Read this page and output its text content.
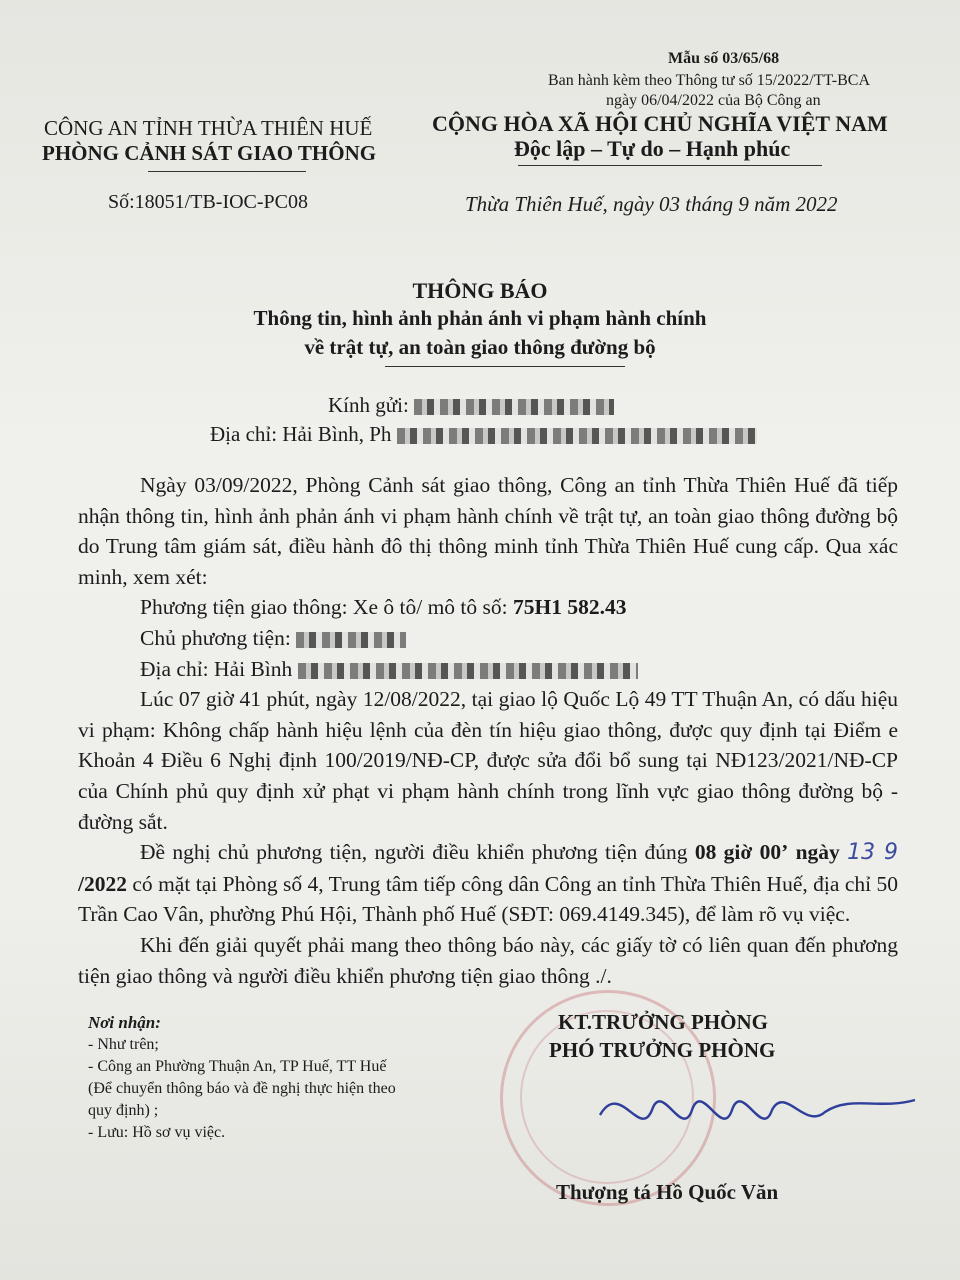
Mẫu số 03/65/68
Ban hành kèm theo Thông tư số 15/2022/TT-BCA
ngày 06/04/2022 của Bộ Công an
CÔNG AN TỈNH THỪA THIÊN HUẾ
PHÒNG CẢNH SÁT GIAO THÔNG
Số:18051/TB-IOC-PC08
CỘNG HÒA XÃ HỘI CHỦ NGHĨA VIỆT NAM
Độc lập – Tự do – Hạnh phúc
Thừa Thiên Huế, ngày 03 tháng 9 năm 2022
THÔNG BÁO
Thông tin, hình ảnh phản ánh vi phạm hành chính
về trật tự, an toàn giao thông đường bộ
Kính gửi:
Địa chỉ: Hải Bình, Ph

Ngày 03/09/2022, Phòng Cảnh sát giao thông, Công an tỉnh Thừa Thiên Huế đã tiếp nhận thông tin, hình ảnh phản ánh vi phạm hành chính về trật tự, an toàn giao thông đường bộ do Trung tâm giám sát, điều hành đô thị thông minh tỉnh Thừa Thiên Huế cung cấp. Qua xác minh, xem xét:

Phương tiện giao thông: Xe ô tô/ mô tô số: 75H1 582.43

Chủ phương tiện:

Địa chỉ: Hải Bình

Lúc 07 giờ 41 phút, ngày 12/08/2022, tại giao lộ Quốc Lộ 49 TT Thuận An, có dấu hiệu vi phạm: Không chấp hành hiệu lệnh của đèn tín hiệu giao thông, được quy định tại Điểm e Khoản 4 Điều 6 Nghị định 100/2019/NĐ-CP, được sửa đổi bổ sung tại NĐ123/2021/NĐ-CP của Chính phủ quy định xử phạt vi phạm hành chính trong lĩnh vực giao thông đường bộ - đường sắt.

Đề nghị chủ phương tiện, người điều khiển phương tiện đúng 08 giờ 00’ ngày 13 9 /2022 có mặt tại Phòng số 4, Trung tâm tiếp công dân Công an tỉnh Thừa Thiên Huế, địa chỉ 50 Trần Cao Vân, phường Phú Hội, Thành phố Huế (SĐT: 069.4149.345), để làm rõ vụ việc.

Khi đến giải quyết phải mang theo thông báo này, các giấy tờ có liên quan đến phương tiện giao thông và người điều khiển phương tiện giao thông ./.

Nơi nhận:
- Như trên;
- Công an Phường Thuận An, TP Huế, TT Huế
(Để chuyển thông báo và đề nghị thực hiện theo
quy định) ;
- Lưu: Hồ sơ vụ việc.
KT.TRƯỞNG PHÒNG
PHÓ TRƯỞNG PHÒNG
Thượng tá Hồ Quốc Văn
